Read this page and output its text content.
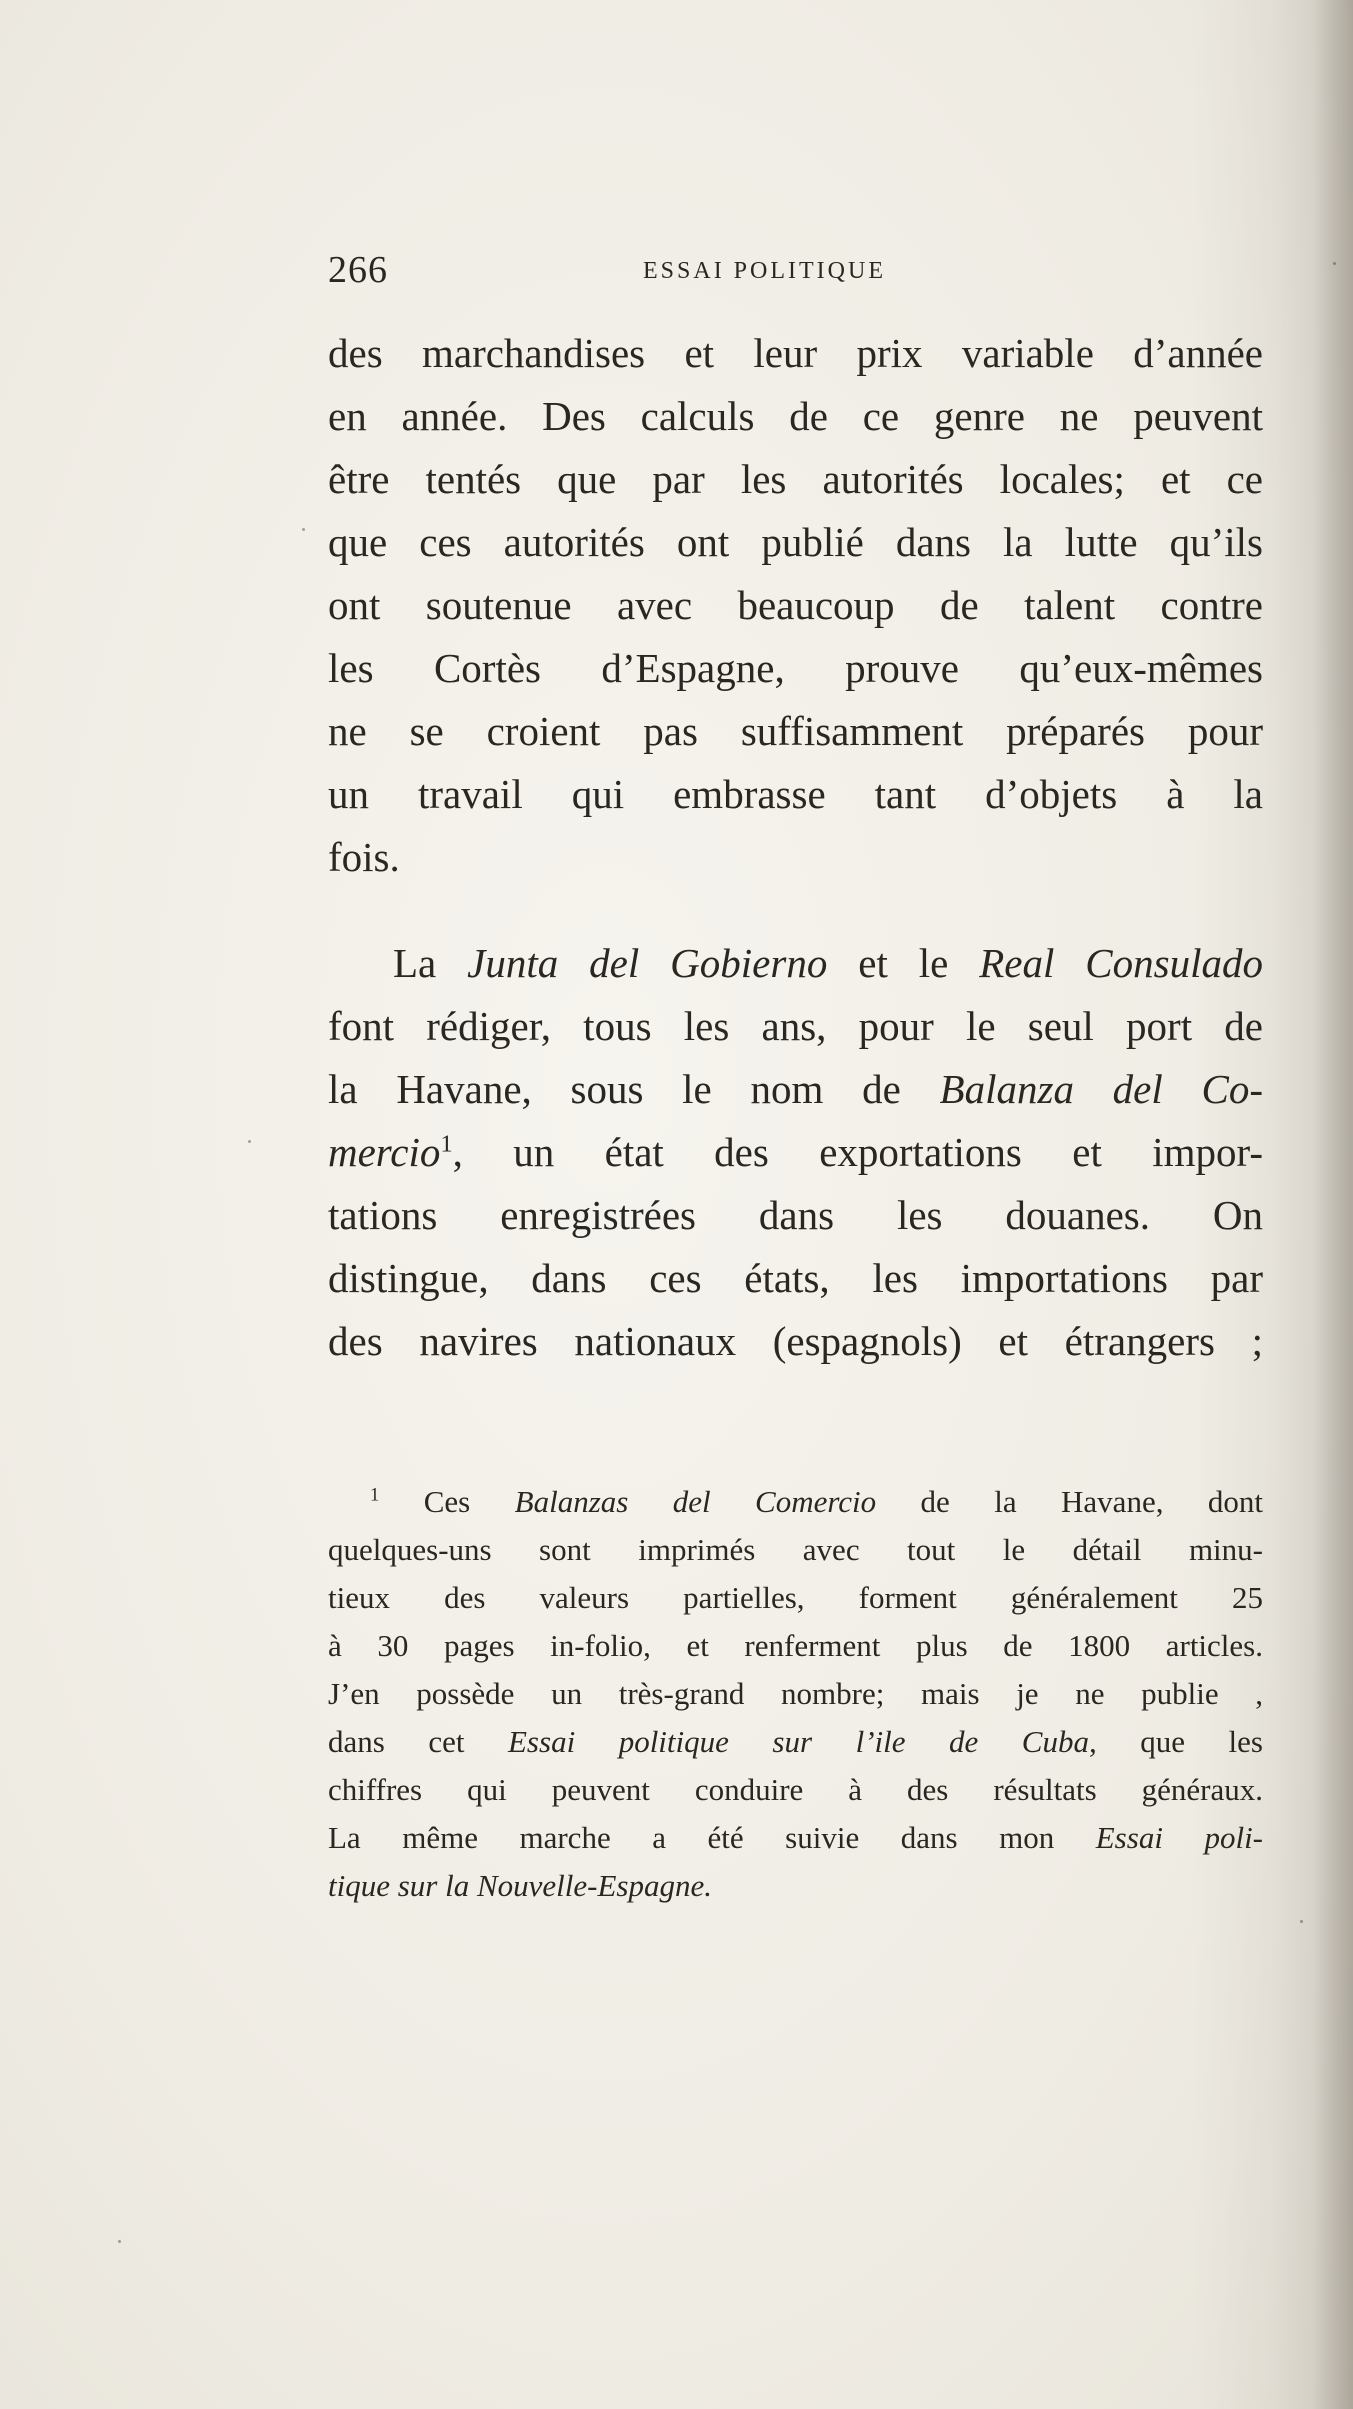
266	ESSAI POLITIQUE
des marchandises et leur prix variable d’année
en année. Des calculs de ce genre ne peuvent
être tentés que par les autorités locales; et ce
que ces autorités ont publié dans la lutte qu’ils
ont soutenue avec beaucoup de talent contre
les Cortès d’Espagne, prouve qu’eux-mêmes
ne se croient pas suffisamment préparés pour
un travail qui embrasse tant d’objets à la
fois.
La Junta del Gobierno et le Real Consulado
font rédiger, tous les ans, pour le seul port de
la Havane, sous le nom de Balanza del Co-
mercio$^1$, un état des exportations et impor-
tations enregistrées dans les douanes. On
distingue, dans ces états, les importations par
des navires nationaux (espagnols) et étrangers ;
$^1$ Ces Balanzas del Comercio de la Havane, dont
quelques-uns sont imprimés avec tout le détail minu-
tieux des valeurs partielles, forment généralement 25
à 30 pages in-folio, et renferment plus de 1800 articles.
J’en possède un très-grand nombre; mais je ne publie ,
dans cet Essai politique sur l’ile de Cuba, que les
chiffres qui peuvent conduire à des résultats généraux.
La même marche a été suivie dans mon Essai poli-
tique sur la Nouvelle-Espagne.
